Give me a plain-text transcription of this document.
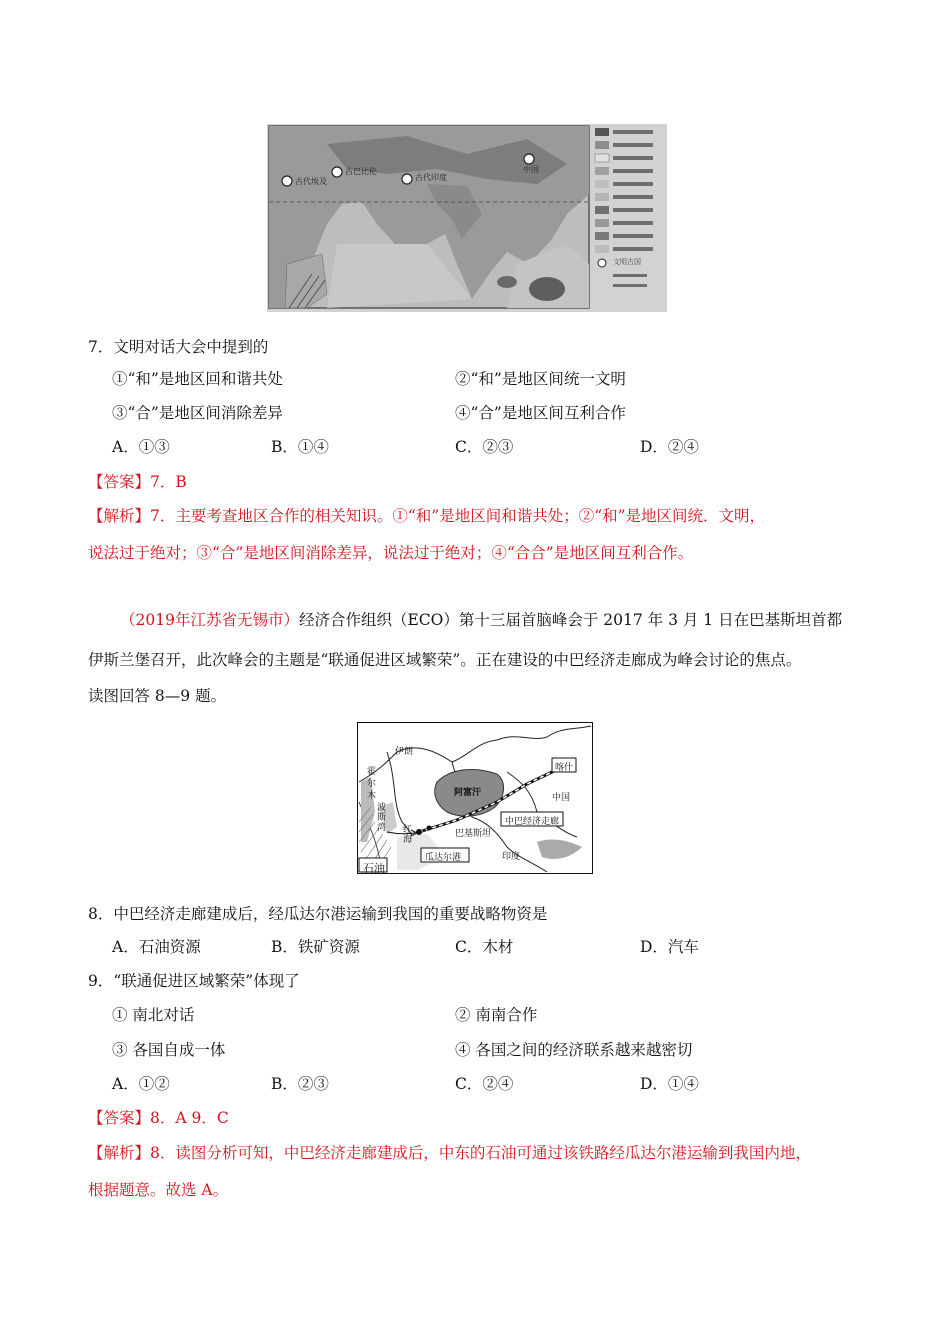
古代埃及
古巴比伦
古代印度
中国
文明古国
7．文明对话大会中提到的
①“和”是地区回和谐共处	②“和”是地区间统一文明
③“合”是地区间消除差异	④“合”是地区间互利合作
A．①③	B．①④	C．②③	D．②④
【答案】7．B
【解析】7．主要考查地区合作的相关知识。①“和”是地区间和谐共处；②“和”是地区间统．文明，
说法过于绝对；③“合”是地区间消除差异，说法过于绝对；④“合合”是地区间互利合作。
（2019年江苏省无锡市）经济合作组织（ECO）第十三届首脑峰会于 2017 年 3 月 1 日在巴基斯坦首都
伊斯兰堡召开，此次峰会的主题是“联通促进区域繁荣”。正在建设的中巴经济走廊成为峰会讨论的焦点。
读图回答 8—9 题。
伊朗
阿富汗
喀什
中国
巴基斯坦
中巴经济走廊
瓜达尔港	印度
霍
尔
木
波
斯
湾 红
海
石油
8．中巴经济走廊建成后，经瓜达尔港运输到我国的重要战略物资是
A．石油资源	B．铁矿资源	C．木材	D．汽车
9．“联通促进区域繁荣”体现了
① 南北对话	② 南南合作
③ 各国自成一体	④ 各国之间的经济联系越来越密切
A．①②	B．②③	C．②④	D．①④
【答案】8．A 9．C
【解析】8．读图分析可知，中巴经济走廊建成后，中东的石油可通过该铁路经瓜达尔港运输到我国内地，
根据题意。故选 A。
